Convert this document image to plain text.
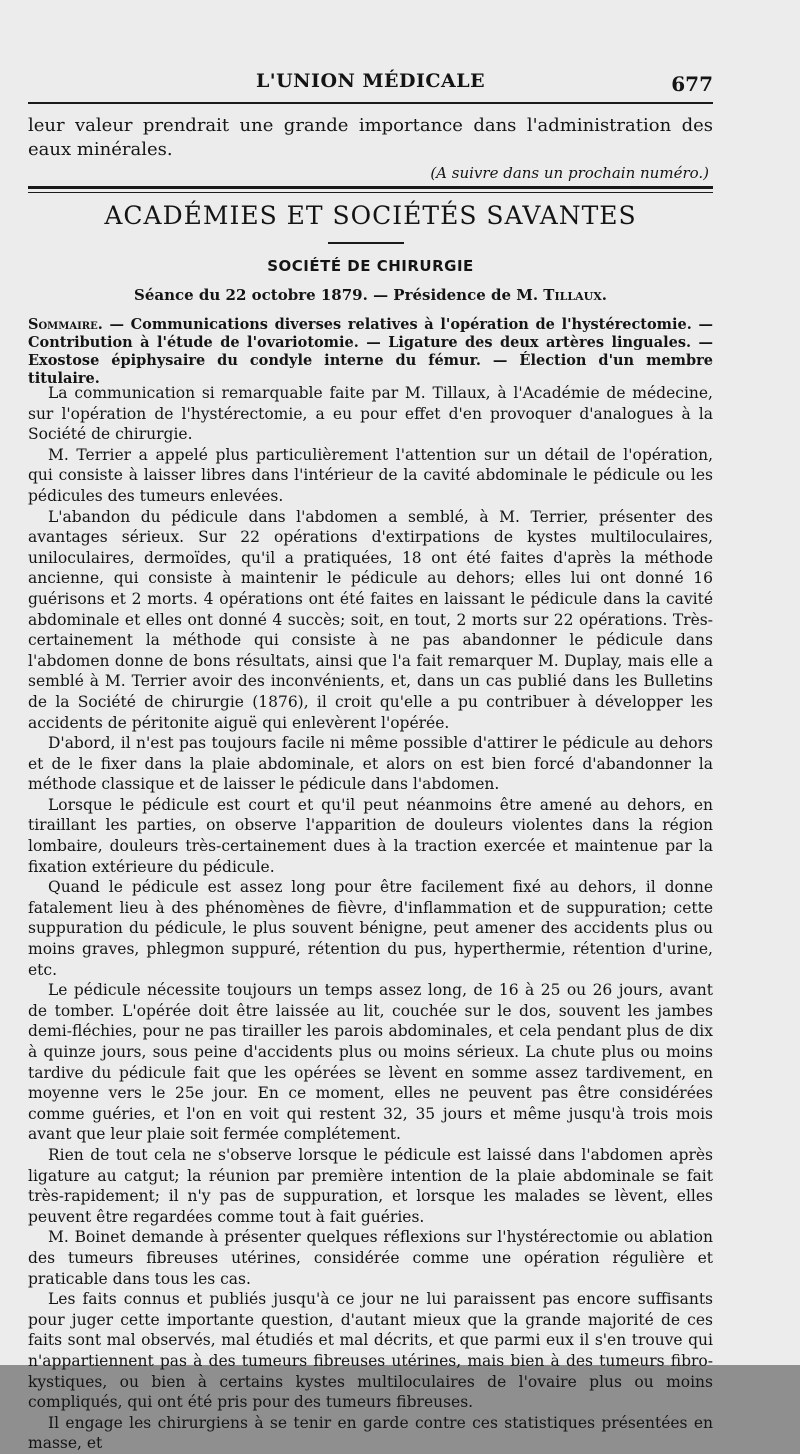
L'UNION MÉDICALE	677

leur valeur prendrait une grande importance dans l'administration des eaux minérales.

(A suivre dans un prochain numéro.)
ACADÉMIES ET SOCIÉTÉS SAVANTES
SOCIÉTÉ DE CHIRURGIE
Séance du 22 octobre 1879. — Présidence de M. Tillaux.
Sommaire. — Communications diverses relatives à l'opération de l'hystérectomie. — Contribution à l'étude de l'ovariotomie. — Ligature des deux artères linguales. — Exostose épiphysaire du condyle interne du fémur. — Élection d'un membre titulaire.

La communication si remarquable faite par M. Tillaux, à l'Académie de médecine, sur l'opération de l'hystérectomie, a eu pour effet d'en provoquer d'analogues à la Société de chirurgie.

M. Terrier a appelé plus particulièrement l'attention sur un détail de l'opération, qui consiste à laisser libres dans l'intérieur de la cavité abdominale le pédicule ou les pédicules des tumeurs enlevées.

L'abandon du pédicule dans l'abdomen a semblé, à M. Terrier, présenter des avantages sérieux. Sur 22 opérations d'extirpations de kystes multiloculaires, uniloculaires, dermoïdes, qu'il a pratiquées, 18 ont été faites d'après la méthode ancienne, qui consiste à maintenir le pédicule au dehors; elles lui ont donné 16 guérisons et 2 morts. 4 opérations ont été faites en laissant le pédicule dans la cavité abdominale et elles ont donné 4 succès; soit, en tout, 2 morts sur 22 opérations. Très-certainement la méthode qui consiste à ne pas abandonner le pédicule dans l'abdomen donne de bons résultats, ainsi que l'a fait remarquer M. Duplay, mais elle a semblé à M. Terrier avoir des inconvénients, et, dans un cas publié dans les Bulletins de la Société de chirurgie (1876), il croit qu'elle a pu contribuer à développer les accidents de péritonite aiguë qui enlevèrent l'opérée.

D'abord, il n'est pas toujours facile ni même possible d'attirer le pédicule au dehors et de le fixer dans la plaie abdominale, et alors on est bien forcé d'abandonner la méthode classique et de laisser le pédicule dans l'abdomen.

Lorsque le pédicule est court et qu'il peut néanmoins être amené au dehors, en tiraillant les parties, on observe l'apparition de douleurs violentes dans la région lombaire, douleurs très-certainement dues à la traction exercée et maintenue par la fixation extérieure du pédicule.

Quand le pédicule est assez long pour être facilement fixé au dehors, il donne fatalement lieu à des phénomènes de fièvre, d'inflammation et de suppuration; cette suppuration du pédicule, le plus souvent bénigne, peut amener des accidents plus ou moins graves, phlegmon suppuré, rétention du pus, hyperthermie, rétention d'urine, etc.

Le pédicule nécessite toujours un temps assez long, de 16 à 25 ou 26 jours, avant de tomber. L'opérée doit être laissée au lit, couchée sur le dos, souvent les jambes demi-fléchies, pour ne pas tirailler les parois abdominales, et cela pendant plus de dix à quinze jours, sous peine d'accidents plus ou moins sérieux. La chute plus ou moins tardive du pédicule fait que les opérées se lèvent en somme assez tardivement, en moyenne vers le 25e jour. En ce moment, elles ne peuvent pas être considérées comme guéries, et l'on en voit qui restent 32, 35 jours et même jusqu'à trois mois avant que leur plaie soit fermée complétement.

Rien de tout cela ne s'observe lorsque le pédicule est laissé dans l'abdomen après ligature au catgut; la réunion par première intention de la plaie abdominale se fait très-rapidement; il n'y pas de suppuration, et lorsque les malades se lèvent, elles peuvent être regardées comme tout à fait guéries.

M. Boinet demande à présenter quelques réflexions sur l'hystérectomie ou ablation des tumeurs fibreuses utérines, considérée comme une opération régulière et praticable dans tous les cas.

Les faits connus et publiés jusqu'à ce jour ne lui paraissent pas encore suffisants pour juger cette importante question, d'autant mieux que la grande majorité de ces faits sont mal observés, mal étudiés et mal décrits, et que parmi eux il s'en trouve qui n'appartiennent pas à des tumeurs fibreuses utérines, mais bien à des tumeurs fibro-kystiques, ou bien à certains kystes multiloculaires de l'ovaire plus ou moins compliqués, qui ont été pris pour des tumeurs fibreuses.

Il engage les chirurgiens à se tenir en garde contre ces statistiques présentées en masse, et
